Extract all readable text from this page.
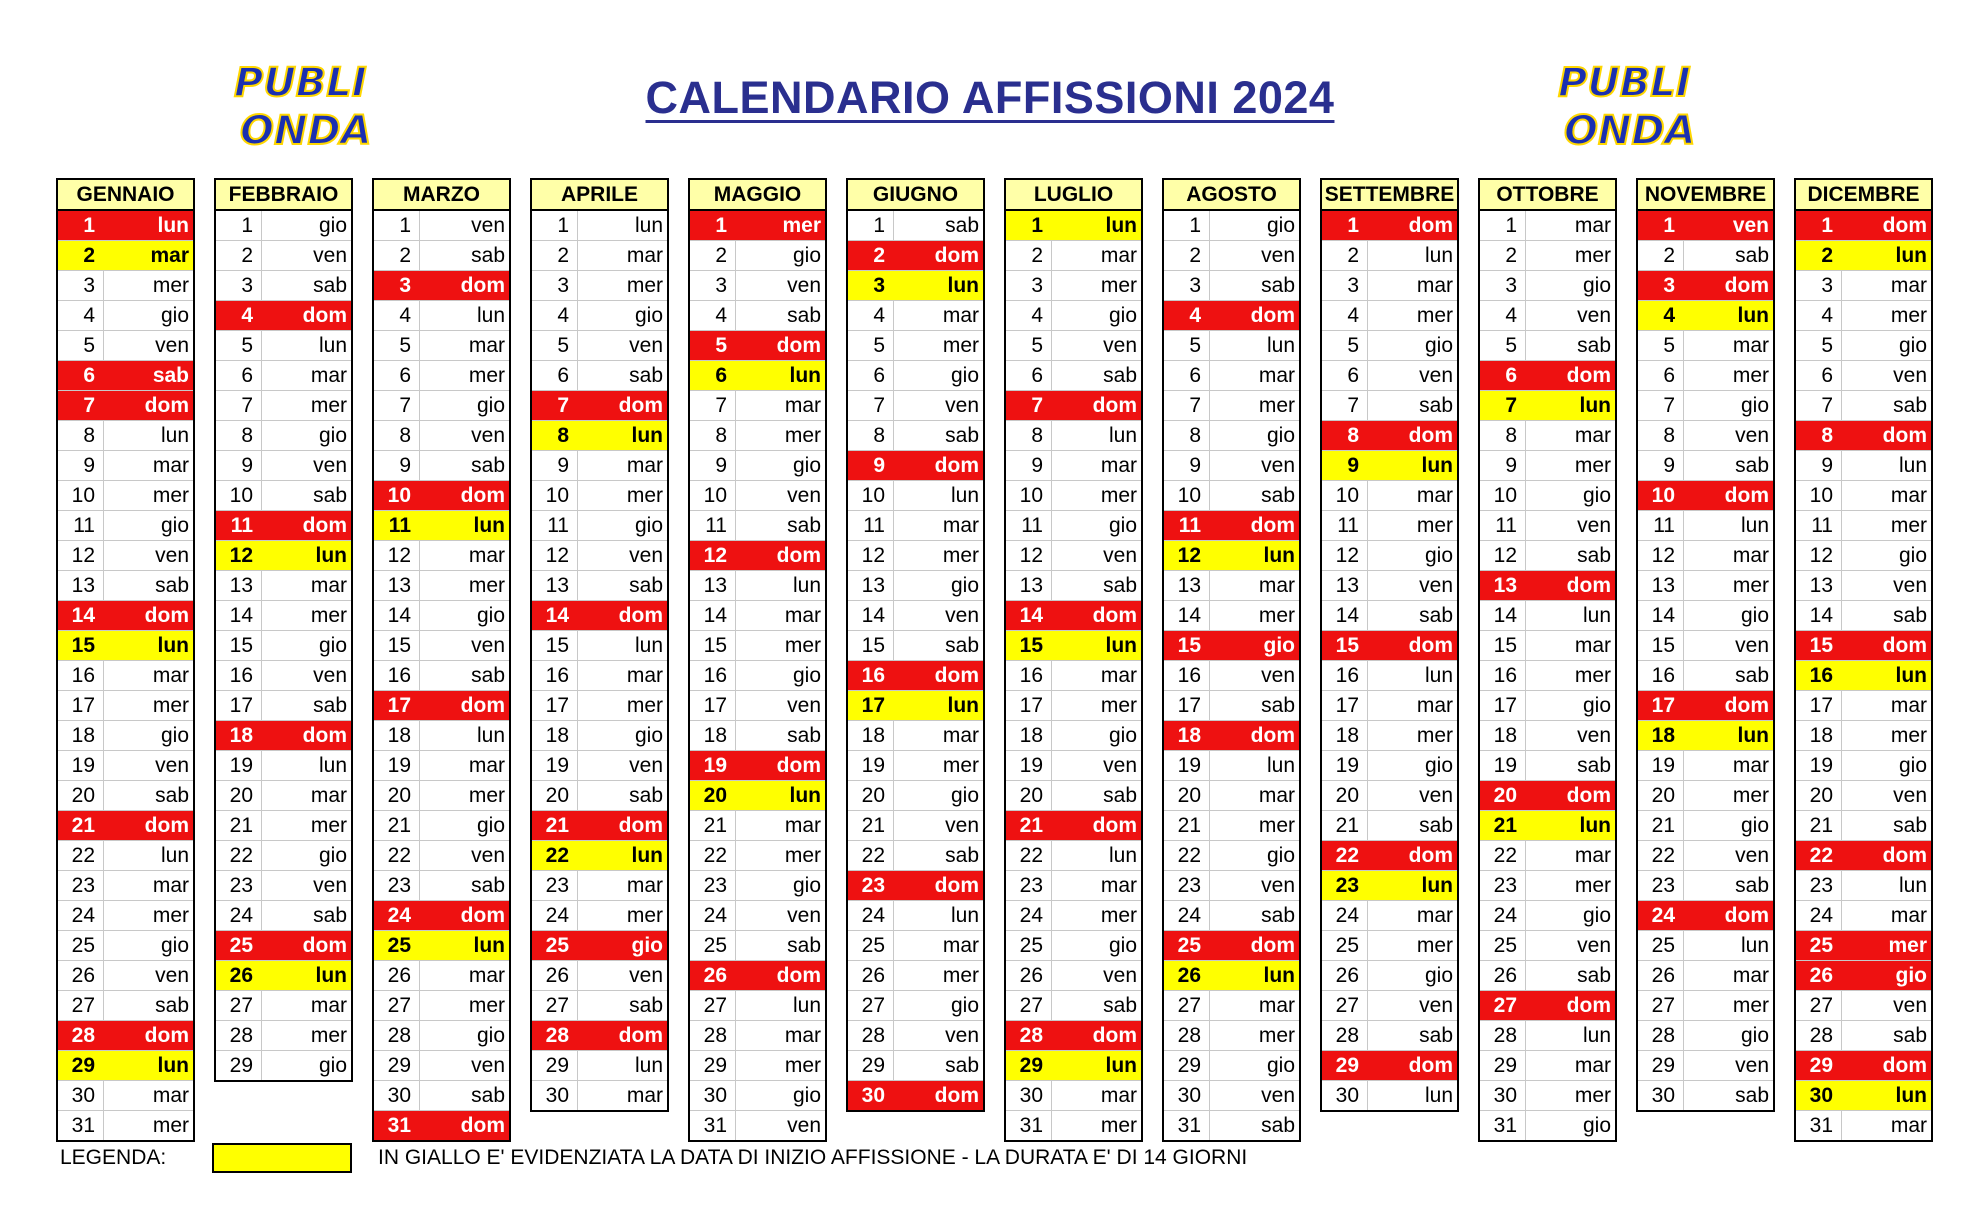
PUBLI
ONDA
CALENDARIO AFFISSIONI 2024	PUBLI
ONDA
GENNAIO
1	lun
2	mar
3	mer
4	gio
5	ven
6	sab
7	dom
8	lun
9	mar
10	mer
11	gio
12	ven
13	sab
14	dom
15	lun
16	mar
17	mer
18	gio
19	ven
20	sab
21	dom
22	lun
23	mar
24	mer
25	gio
26	ven
27	sab
28	dom
29	lun
30	mar
31	mer
FEBBRAIO
1	gio
2	ven
3	sab
4	dom
5	lun
6	mar
7	mer
8	gio
9	ven
10	sab
11	dom
12	lun
13	mar
14	mer
15	gio
16	ven
17	sab
18	dom
19	lun
20	mar
21	mer
22	gio
23	ven
24	sab
25	dom
26	lun
27	mar
28	mer
29	gio
MARZO
1	ven
2	sab
3	dom
4	lun
5	mar
6	mer
7	gio
8	ven
9	sab
10	dom
11	lun
12	mar
13	mer
14	gio
15	ven
16	sab
17	dom
18	lun
19	mar
20	mer
21	gio
22	ven
23	sab
24	dom
25	lun
26	mar
27	mer
28	gio
29	ven
30	sab
31	dom
APRILE
1	lun
2	mar
3	mer
4	gio
5	ven
6	sab
7	dom
8	lun
9	mar
10	mer
11	gio
12	ven
13	sab
14	dom
15	lun
16	mar
17	mer
18	gio
19	ven
20	sab
21	dom
22	lun
23	mar
24	mer
25	gio
26	ven
27	sab
28	dom
29	lun
30	mar
MAGGIO
1	mer
2	gio
3	ven
4	sab
5	dom
6	lun
7	mar
8	mer
9	gio
10	ven
11	sab
12	dom
13	lun
14	mar
15	mer
16	gio
17	ven
18	sab
19	dom
20	lun
21	mar
22	mer
23	gio
24	ven
25	sab
26	dom
27	lun
28	mar
29	mer
30	gio
31	ven
GIUGNO
1	sab
2	dom
3	lun
4	mar
5	mer
6	gio
7	ven
8	sab
9	dom
10	lun
11	mar
12	mer
13	gio
14	ven
15	sab
16	dom
17	lun
18	mar
19	mer
20	gio
21	ven
22	sab
23	dom
24	lun
25	mar
26	mer
27	gio
28	ven
29	sab
30	dom
LUGLIO
1	lun
2	mar
3	mer
4	gio
5	ven
6	sab
7	dom
8	lun
9	mar
10	mer
11	gio
12	ven
13	sab
14	dom
15	lun
16	mar
17	mer
18	gio
19	ven
20	sab
21	dom
22	lun
23	mar
24	mer
25	gio
26	ven
27	sab
28	dom
29	lun
30	mar
31	mer
AGOSTO
1	gio
2	ven
3	sab
4	dom
5	lun
6	mar
7	mer
8	gio
9	ven
10	sab
11	dom
12	lun
13	mar
14	mer
15	gio
16	ven
17	sab
18	dom
19	lun
20	mar
21	mer
22	gio
23	ven
24	sab
25	dom
26	lun
27	mar
28	mer
29	gio
30	ven
31	sab
SETTEMBRE
1	dom
2	lun
3	mar
4	mer
5	gio
6	ven
7	sab
8	dom
9	lun
10	mar
11	mer
12	gio
13	ven
14	sab
15	dom
16	lun
17	mar
18	mer
19	gio
20	ven
21	sab
22	dom
23	lun
24	mar
25	mer
26	gio
27	ven
28	sab
29	dom
30	lun
OTTOBRE
1	mar
2	mer
3	gio
4	ven
5	sab
6	dom
7	lun
8	mar
9	mer
10	gio
11	ven
12	sab
13	dom
14	lun
15	mar
16	mer
17	gio
18	ven
19	sab
20	dom
21	lun
22	mar
23	mer
24	gio
25	ven
26	sab
27	dom
28	lun
29	mar
30	mer
31	gio
NOVEMBRE
1	ven
2	sab
3	dom
4	lun
5	mar
6	mer
7	gio
8	ven
9	sab
10	dom
11	lun
12	mar
13	mer
14	gio
15	ven
16	sab
17	dom
18	lun
19	mar
20	mer
21	gio
22	ven
23	sab
24	dom
25	lun
26	mar
27	mer
28	gio
29	ven
30	sab
DICEMBRE
1	dom
2	lun
3	mar
4	mer
5	gio
6	ven
7	sab
8	dom
9	lun
10	mar
11	mer
12	gio
13	ven
14	sab
15	dom
16	lun
17	mar
18	mer
19	gio
20	ven
21	sab
22	dom
23	lun
24	mar
25	mer
26	gio
27	ven
28	sab
29	dom
30	lun
31	mar
LEGENDA:	IN GIALLO E' EVIDENZIATA LA DATA DI INIZIO AFFISSIONE - LA DURATA E' DI 14 GIORNI
